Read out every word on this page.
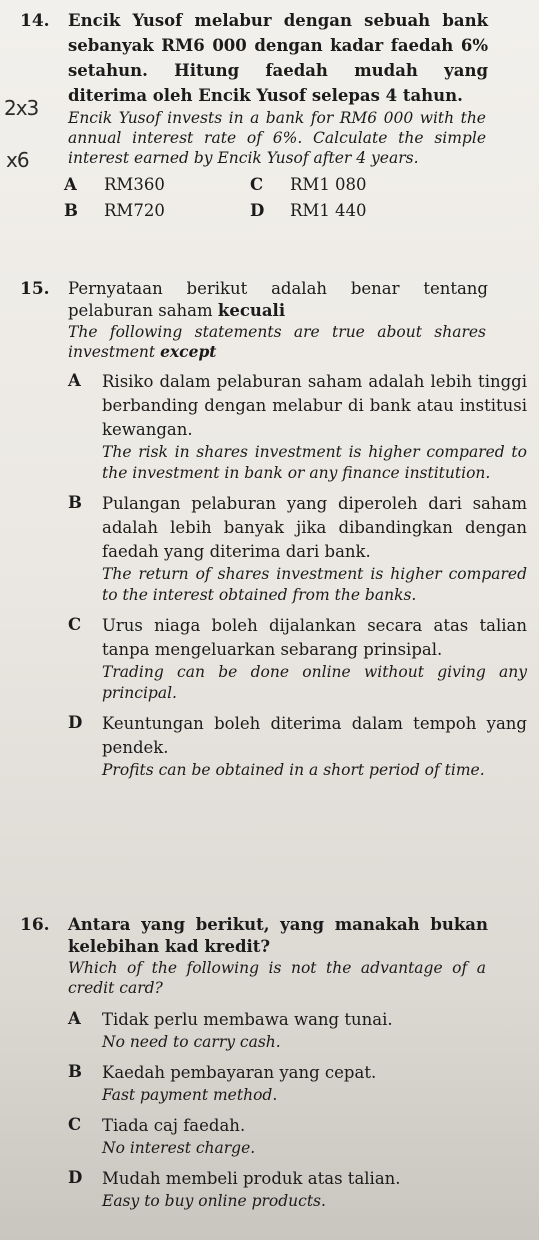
2x3
x6
14.	Encik Yusof melabur dengan sebuah bank sebanyak RM6 000 dengan kadar faedah 6% setahun. Hitung faedah mudah yang diterima oleh Encik Yusof selepas 4 tahun.
Encik Yusof invests in a bank for RM6 000 with the annual interest rate of 6%. Calculate the simple interest earned by Encik Yusof after 4 years.
A	RM360	C	RM1 080
B	RM720	D	RM1 440
15.	Pernyataan berikut adalah benar tentang pelaburan saham kecuali
The following statements are true about shares investment except
A	Risiko dalam pelaburan saham adalah lebih tinggi berbanding dengan melabur di bank atau institusi kewangan.
The risk in shares investment is higher compared to the investment in bank or any finance institution.
B	Pulangan pelaburan yang diperoleh dari saham adalah lebih banyak jika dibandingkan dengan faedah yang diterima dari bank.
The return of shares investment is higher compared to the interest obtained from the banks.
C	Urus niaga boleh dijalankan secara atas talian tanpa mengeluarkan sebarang prinsipal.
Trading can be done online without giving any principal.
D	Keuntungan boleh diterima dalam tempoh yang pendek.
Profits can be obtained in a short period of time.
16.	Antara yang berikut, yang manakah bukan kelebihan kad kredit?
Which of the following is not the advantage of a credit card?
A	Tidak perlu membawa wang tunai.
No need to carry cash.
B	Kaedah pembayaran yang cepat.
Fast payment method.
C	Tiada caj faedah.
No interest charge.
D	Mudah membeli produk atas talian.
Easy to buy online products.
